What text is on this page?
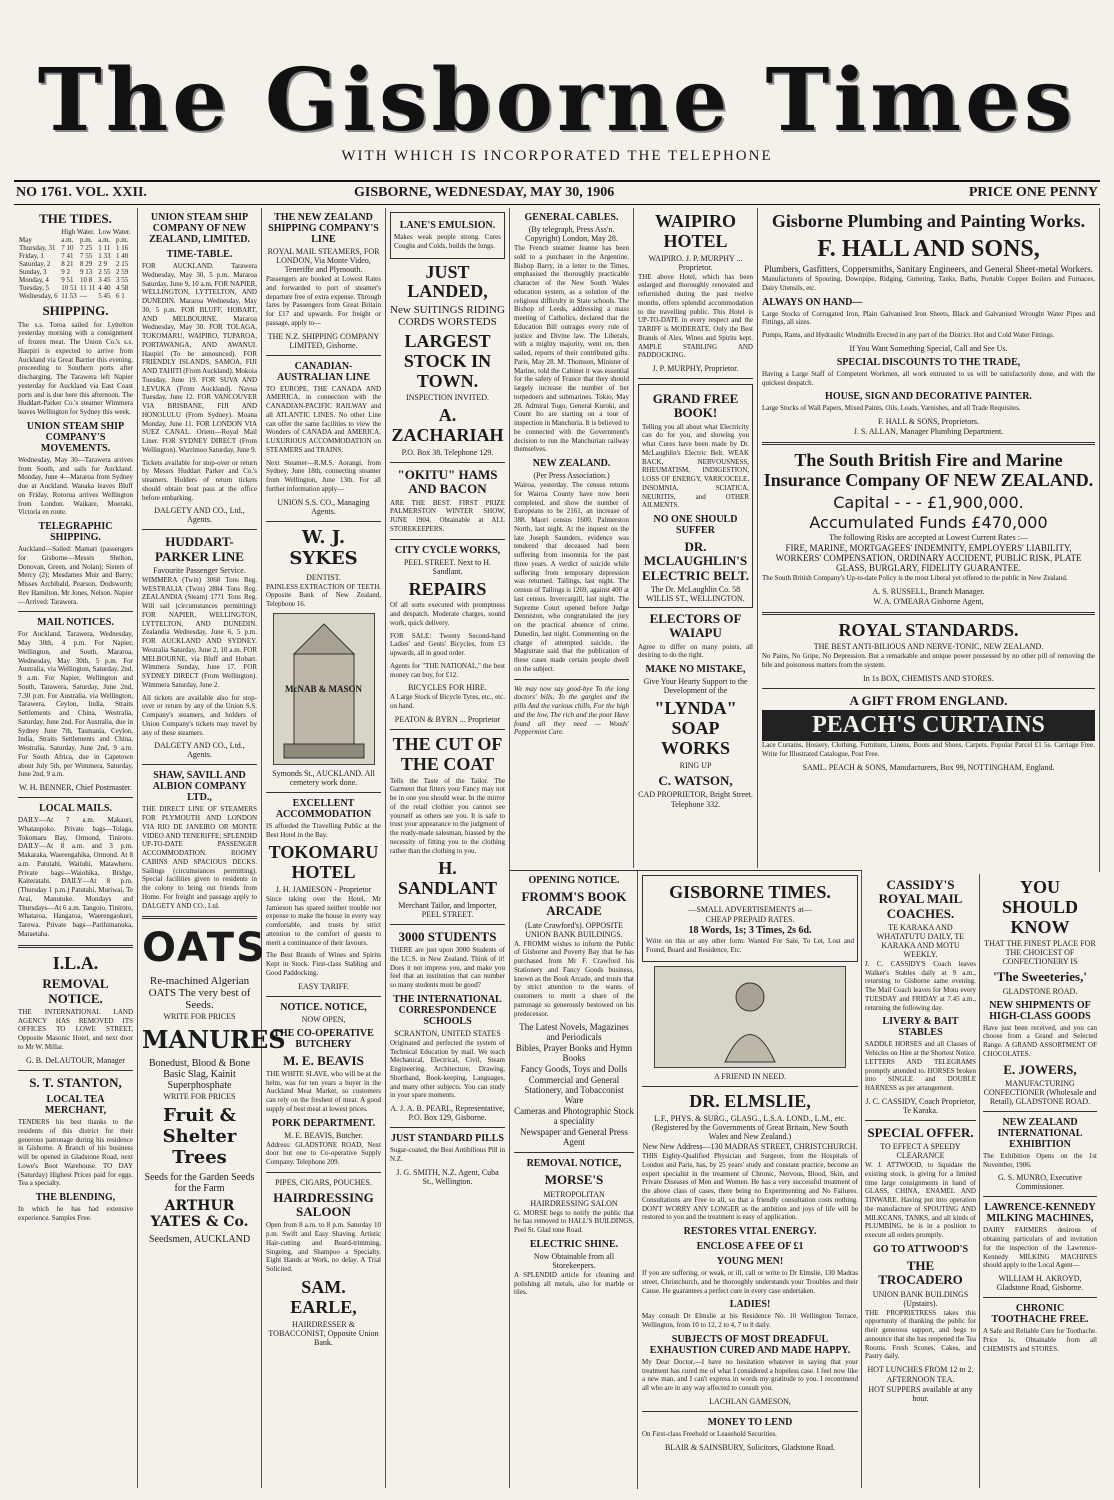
The Gisborne Times
WITH WHICH IS INCORPORATED THE TELEPHONE
NO 1761. VOL. XXII.	GISBORNE, WEDNESDAY, MAY 30, 1906	PRICE ONE PENNY
THE TIDES.
	High Water.		Low Water.	
May	a.m.	p.m.	a.m.	p.m.
Thursday, 31	7 10	7 25	1 11	1 16
Friday, 1	7 41	7 55	1 33	1 40
Saturday, 2	8 21	8 29	2 9	2 15
Sunday, 3	9 2	9 13	2 55	2 59
Monday, 4	9 51	10 8	3 45	3 55
Tuesday, 5	10 51	11 11	4 40	4 58
Wednesday, 6	11 53	—	5 45	6 1
SHIPPING.

The s.s. Toroa sailed for Lyttelton yesterday morning with a consignment of frozen meat. The Union Co.'s s.s. Haupiri is expected to arrive from Auckland via Great Barrier this evening, proceeding to Southern ports after discharging. The Tarawera left Napier yesterday for Auckland via East Coast ports and is due here this afternoon. The Huddart-Parker Co.'s steamer Wimmera leaves Wellington for Sydney this week.

UNION STEAM SHIP COMPANY'S MOVEMENTS.

Wednesday, May 30—Tarawera arrives from South, and sails for Auckland. Monday, June 4—Mararoa from Sydney due at Auckland. Wanaka leaves Bluff on Friday. Rotorua arrives Wellington from London. Waikare, Moeraki, Victoria en route.

TELEGRAPHIC SHIPPING.

Auckland—Sailed: Mamari (passengers for Gisborne—Messrs Shelton, Donovan, Green, and Nolan); Sisters of Mercy (2); Mesdames Muir and Barry; Misses Archibald, Pearson, Dodsworth; Rev Hamilton, Mr Jones, Nelson. Napier—Arrived: Tarawera.

MAIL NOTICES.

For Auckland, Tarawera, Wednesday, May 30th, 4 p.m. For Napier, Wellington, and South, Mararoa, Wednesday, May 30th, 5 p.m. For Australia, via Wellington, Saturday, 2nd, 9 a.m. For Napier, Wellington and South, Tarawera, Saturday, June 2nd, 7.30 p.m. For Australia, via Wellington, Tarawera, Ceylon, India, Straits Settlements and China, Westralia, Saturday, June 2nd. For Australia, due in Sydney June 7th, Tasmania, Ceylon, India, Straits Settlements and China, Westralia, Saturday, June 2nd, 9 a.m. For South Africa, due in Capetown about July 5th, per Wimmera, Saturday, June 2nd, 9 a.m.

W. H. BENNER, Chief Postmaster.

LOCAL MAILS.

DAILY—At 7 a.m. Makauri, Whataupoko. Private bags—Tolaga, Tokomaru Bay, Ormond, Tiniroto. DAILY—At 8 a.m. and 3 p.m. Makaraka, Waerengahika, Ormond. At 8 a.m. Patutahi, Waituhi, Matawhero. Private bags—Waiohika, Bridge, Kaiteratahi. DAILY—At 8 p.m. (Thursday 1 p.m.) Patutahi, Muriwai, Te Arai, Manutuke. Mondays and Thursdays—At 6 a.m. Tangoio, Tiniroto, Whataroa, Hangaroa, Waerengaokuri, Tarewa. Private bags—Parihimanuka, Maraetaha.

I.L.A.
REMOVAL NOTICE.

THE INTERNATIONAL LAND AGENCY HAS REMOVED ITS OFFICES TO LOWE STREET, Opposite Masonic Hotel, and next door to Mr W. Millar.

G. B. DeLAUTOUR, Manager

S. T. STANTON,
LOCAL TEA MERCHANT,

TENDERS his best thanks to the residents of this district for their generous patronage during his residence in Gisborne. A Branch of his business will be opened in Gladstone Road, next Lowe's Boot Warehouse. TO DAY (Saturday) Highest Prices paid for eggs. Tea a specialty.

THE BLENDING,

In which he has had extensive experience. Samples Free.

UNION STEAM SHIP COMPANY OF NEW ZEALAND, LIMITED.
TIME-TABLE.

FOR AUCKLAND. Tarawera Wednesday, May 30, 5 p.m. Mararoa Saturday, June 9, 10 a.m. FOR NAPIER, WELLINGTON, LYTTELTON, AND DUNEDIN. Mararoa Wednesday, May 30, 5 p.m. FOR BLUFF, HOBART, AND MELBOURNE. Mararoa Wednesday, May 30. FOR TOLAGA, TOKOMARU, WAIPIRO, TUPAROA, PORTAWANGA, AND AWANUI. Haupiri (To be announced). FOR FRIENDLY ISLANDS, SAMOA, FIJI AND TAHITI (From Auckland). Mokoia Tuesday, June 19. FOR SUVA AND LEVUKA (From Auckland). Navua Tuesday, June 12. FOR VANCOUVER VIA BRISBANE, FIJI AND HONOLULU (From Sydney). Moana Monday, June 11. FOR LONDON VIA SUEZ CANAL. Orient—Royal Mail Liner. FOR SYDNEY DIRECT (From Wellington). Warrimoo Saturday, June 9.

Tickets available for stop-over or return by Messrs Huddart Parker and Co.'s steamers. Holders of return tickets should obtain boat pass at the office before embarking.

DALGETY AND CO., Ltd., Agents.

HUDDART-PARKER LINE

Favourite Passenger Service.

WIMMERA (Twin) 3068 Tons Reg. WESTRALIA (Twin) 2884 Tons Reg. ZEALANDIA (Steam) 1771 Tons Reg. Will sail (circumstances permitting): FOR NAPIER, WELLINGTON, LYTTELTON, AND DUNEDIN. Zealandia Wednesday, June 6, 5 p.m. FOR AUCKLAND AND SYDNEY. Westralia Saturday, June 2, 10 a.m. FOR MELBOURNE, via Bluff and Hobart. Wimmera Sunday, June 17. FOR SYDNEY DIRECT (From Wellington). Wimmera Saturday, June 2.

All tickets are available also for stop-over or return by any of the Union S.S. Company's steamers, and holders of Union Company's tickets may travel by any of these steamers.

DALGETY AND CO., Ltd., Agents.

SHAW, SAVILL AND ALBION COMPANY LTD.,

THE DIRECT LINE OF STEAMERS FOR PLYMOUTH AND LONDON VIA RIO DE JANEIRO OR MONTE VIDEO AND TENERIFFE; SPLENDID UP-TO-DATE PASSENGER ACCOMMODATION. ROOMY CABINS AND SPACIOUS DECKS. Sailings (circumstances permitting). Special facilities given to residents in the colony to bring out friends from Home. For freight and passage apply to DALGETY AND CO., Ltd.

OATS

Re-machined Algerian OATS The very best of Seeds.

WRITE FOR PRICES

MANURES

Bonedust, Blood & Bone Basic Slag, Kainit Superphosphate

WRITE FOR PRICES

Fruit & Shelter Trees

Seeds for the Garden Seeds for the Farm

ARTHUR YATES & Co.

Seedsmen, AUCKLAND

THE NEW ZEALAND SHIPPING COMPANY'S LINE

ROYAL MAIL STEAMERS, FOR LONDON, Via Monte Video, Teneriffe and Plymouth.

Passengers are booked at Lowest Rates and forwarded to port of steamer's departure free of extra expense. Through fares by Passengers from Great Britain for £17 and upwards. For freight or passage, apply to—

THE N.Z. SHIPPING COMPANY LIMITED, Gisborne.

CANADIAN-AUSTRALIAN LINE

TO EUROPE, THE CANADA AND AMERICA, in connection with the CANADIAN-PACIFIC RAILWAY and all ATLANTIC LINES. No other Line can offer the same facilities to view the Wonders of CANADA and AMERICA. LUXURIOUS ACCOMMODATION on STEAMERS and TRAINS.

Next Steamer—R.M.S. Aorangi, from Sydney, June 18th, connecting steamer from Wellington, June 13th. For all further information apply—

UNION S.S. CO., Managing Agents.

W. J. SYKES

DENTIST.

PAINLESS EXTRACTION OF TEETH. Opposite Bank of New Zealand, Telephone 16.

McNAB & MASON

Symonds St., AUCKLAND. All cemetery work done.

EXCELLENT ACCOMMODATION

IS afforded the Travelling Public at the Best Hotel in the Bay.

TOKOMARU HOTEL

J. H. JAMIESON - Proprietor

Since taking over the Hotel, Mr Jamieson has spared neither trouble nor expense to make the house in every way comfortable, and trusts by strict attention to the comfort of guests to merit a continuance of their favours.

The Best Brands of Wines and Spirits Kept in Stock. First-class Stabling and Good Paddocking.

EASY TARIFF.

NOTICE. NOTICE,

NOW OPEN,

THE CO-OPERATIVE BUTCHERY
M. E. BEAVIS

THE WHITE SLAVE, who will be at the helm, was for ten years a buyer in the Auckland Meat Market, so customers can rely on the freshest of meat. A good supply of best meat at lowest prices.

PORK DEPARTMENT.

M. E. BEAVIS, Butcher.

Address: GLADSTONE ROAD, Next door but one to Co-operative Supply Company. Telephone 209.

PIPES, CIGARS, POUCHES.

HAIRDRESSING SALOON

Open from 8 a.m. to 8 p.m. Saturday 10 p.m. Swift and Easy Shaving. Artistic Hair-cutting and Beard-trimming, Singeing, and Shampoo a Specialty. Eight Hands at Work, no delay. A Trial Solicited.

SAM. EARLE,

HAIRDRESSER & TOBACCONIST, Opposite Union Bank.

LANE'S EMULSION.

Makes weak people strong. Cures Coughs and Colds, builds the lungs.

JUST LANDED,

New SUITINGS RIDING CORDS WORSTEDS

LARGEST STOCK IN TOWN.

INSPECTION INVITED.

A. ZACHARIAH

P.O. Box 38. Telephone 129.

"OKITU" HAMS AND BACON

ARE THE BEST. FIRST PRIZE PALMERSTON WINTER SHOW, JUNE 1904. Obtainable at ALL STOREKEEPERS.

CITY CYCLE WORKS,

PEEL STREET. Next to H. Sandlant.

REPAIRS

Of all sorts executed with promptness and despatch. Moderate charges, sound work, quick delivery.

FOR SALE: Twenty Second-hand Ladies' and Gents' Bicycles, from £3 upwards, all in good order.

Agents for "THE NATIONAL," the best money can buy, for £12.

BICYCLES FOR HIRE.

A Large Stock of Bicycle Tyres, etc., etc. on hand.

PEATON & BYRN ... Proprietor

THE CUT OF THE COAT

Tells the Taste of the Tailor. The Garment that fitters your Fancy may not be in one you should wear. In the mirror of the retail clothier you cannot see yourself as others see you. It is safe to trust your appearance to the judgment of the ready-made salesman, biassed by the necessity of fitting you to the clothing rather than the clothing to you.

H. SANDLANT

Merchant Tailor, and Importer, PEEL STREET.

3000 STUDENTS

THERE are just upon 3000 Students of the I.C.S. in New Zealand. Think of it! Does it not impress you, and make you feel that an institution that can number so many students must be good?

THE INTERNATIONAL CORRESPONDENCE SCHOOLS

SCRANTON, UNITED STATES

Originated and perfected the system of Technical Education by mail. We teach Mechanical, Electrical, Civil, Steam Engineering, Architecture, Drawing, Shorthand, Book-keeping, Languages, and many other subjects. You can study in your spare moments.

A. J. A. B. PEARL, Representative, P.O. Box 129, Gisborne.

JUST STANDARD PILLS

Sugar-coated, the Best Antibilious Pill in N.Z.

J. G. SMITH, N.Z. Agent, Cuba St., Wellington.

GENERAL CABLES.

(By telegraph, Press Ass'n. Copyright) London, May 28.

The French steamer Jeanne has been sold to a purchaser in the Argentine. Bishop Barry, in a letter to the Times, emphasised the thoroughly practicable character of the New South Wales education system, as a solution of the religious difficulty in State schools. The Bishop of Leeds, addressing a mass meeting of Catholics, declared that the Education Bill outrages every rule of justice and Divine law. The Liberals, with a mighty majority, went on, then sailed, reports of their contributed gifts. Paris, May 28. M. Thomson, Minister of Marine, told the Cabinet it was essential for the safety of France that they should largely increase the number of her torpedoers and submarines. Tokio, May 28. Admiral Togo, General Kuroki, and Count Ito are starting on a tour of inspection in Manchuria. It is believed to be connected with the Government's decision to run the Manchurian railway themselves.

NEW ZEALAND.

(Per Press Association.)

Wairoa, yesterday. The census returns for Wairoa County have now been completed, and show the number of Europeans to be 2161, an increase of 388. Maori census 1600. Palmerston North, last night. At the inquest on the late Joseph Saunders, evidence was tendered that deceased had been suffering from insomnia for the past three years. A verdict of suicide while suffering from temporary depression was returned. Tailings, last night. The census of Tailings is 1269, against 400 at last census. Invercargill, last night. The Supreme Court opened before Judge Denniston, who congratulated the jury on the practical absence of crime. Dunedin, last night. Commenting on the charge of attempted suicide, the Magistrate said that the publication of these cases made certain people dwell on the subject.

We may now say good-bye To the long doctors' bills, To the gargles and the pills And the various chills, For the high and the low, The rich and the poor Have found all they need — Woods' Peppermint Cure.

WAIPIRO HOTEL

WAIPIRO. J. P. MURPHY ... Proprietor.

THE above Hotel, which has been enlarged and thoroughly renovated and refurnished during the past twelve months, offers splendid accommodation to the travelling public. This Hotel is UP-TO-DATE in every respect and the TARIFF is MODERATE. Only the Best Brands of Ales, Wines and Spirits kept. AMPLE STABLING AND PADDOCKING.

J. P. MURPHY, Proprietor.

GRAND FREE BOOK!

Telling you all about what Electricity can do for you, and showing you what Cures have been made by Dr. McLaughlin's Electric Belt. WEAK BACK, NERVOUSNESS, RHEUMATISM, INDIGESTION, LOSS OF ENERGY, VARICOCELE, INSOMNIA, SCIATICA, NEURITIS, and OTHER AILMENTS.

NO ONE SHOULD SUFFER
DR. MCLAUGHLIN'S ELECTRIC BELT.

The Dr. McLaughlin Co. 58 WILLIS ST., WELLINGTON.

ELECTORS OF WAIAPU

Agree to differ on many points, all desiring to do the right.

MAKE NO MISTAKE,

Give Your Hearty Support to the Development of the

"LYNDA" SOAP WORKS

RING UP

C. WATSON,

CAD PROPRIETOR, Bright Street.

Telephone 332.

OPENING NOTICE.
FROMM'S BOOK ARCADE

(Late Crawford's). OPPOSITE UNION BANK BUILDINGS.

A. FROMM wishes to inform the Public of Gisborne and Poverty Bay that he has purchased from Mr F. Crawford his Stationery and Fancy Goods business, known as the Book Arcade, and trusts that by strict attention to the wants of customers to merit a share of the patronage so generously bestowed on his predecessor.

The Latest Novels, Magazines and Periodicals

Bibles, Prayer Books and Hymn Books

Fancy Goods, Toys and Dolls

Commercial and General Stationery, and Tobacconist Ware

Cameras and Photographic Stock a speciality

Newspaper and General Press Agent

REMOVAL NOTICE,
MORSE'S

METROPOLITAN HAIRDRESSING SALON

G. MORSE begs to notify the public that he has removed to HALL'S BUILDINGS, Peel St. Glad tone Road.

ELECTRIC SHINE.

Now Obtainable from all Storekeepers.

A SPLENDID article for cleaning and polishing all metals, also for marble or tiles.

GISBORNE TIMES.

—SMALL ADVERTISEMENTS at—

CHEAP PREPAID RATES.

18 Words, 1s; 3 Times, 2s 6d.

Write on this or any other form: Wanted For Sale, To Let, Lost and Found, Board and Residence, Etc.

A FRIEND IN NEED.

DR. ELMSLIE,

L.F., PHYS. & SURG., GLASG., L.S.A. LOND., L.M., etc. (Registered by the Governments of Great Britain, New South Wales and New Zealand.)

New New Address—130 MADRAS STREET, CHRISTCHURCH.

THIS Eighty-Qualified Physician and Surgeon, from the Hospitals of London and Paris, has, by 25 years' study and constant practice, become an expert specialist in the treatment of Chronic, Nervous, Blood, Skin, and Private Diseases of Men and Women. He has a very successful treatment of the above class of cases, there being no Experimenting and No Failures. Consultations are Free to all, so that a friendly consultation costs nothing. DON'T WORRY ANY LONGER as the ambition and joys of life will be restored to you and the treatment is easy of application.

RESTORES VITAL ENERGY.
ENCLOSE A FEE OF £1
YOUNG MEN!

If you are suffering, or weak, or ill, call or write to Dr Elmslie, 130 Madras street, Christchurch, and he thoroughly understands your Troubles and their Cause. He guarantees a perfect cure in every case undertaken.

LADIES!

May consult Dr Elmslie at his Residence No. 10 Wellington Terrace, Wellington, from 10 to 12, 2 to 4, 7 to 8 daily.

SUBJECTS OF MOST DREADFUL EXHAUSTION CURED AND MADE HAPPY.

My Dear Doctor,—I have no hesitation whatever in saying that your treatment has cured me of what I considered a hopeless case. I feel now like a new man, and I can't express in words my gratitude to you. I recommend all who are in any way affected to consult you.

LACHLAN GAMESON,

MONEY TO LEND

On First-class Freehold or Leasehold Securities.

BLAIR & SAINSBURY, Solicitors, Gladstone Road.

Gisborne Plumbing and Painting Works.
F. HALL AND SONS,

Plumbers, Gasfitters, Coppersmiths, Sanitary Engineers, and General Sheet-metal Workers.

Manufacturers of Spouting, Downpipe, Ridging, Guttering, Tanks, Baths, Portable Copper Boilers and Furnaces, Dairy Utensils, etc.

ALWAYS ON HAND—

Large Stocks of Corrugated Iron, Plain Galvanised Iron Sheets, Black and Galvanised Wrought Water Pipes and Fittings, all sizes.

Pumps, Rams, and Hydraulic Windmills Erected in any part of the District. Hot and Cold Water Fittings.

If You Want Something Special, Call and See Us.

SPECIAL DISCOUNTS TO THE TRADE,

Having a Large Staff of Competent Workmen, all work entrusted to us will be satisfactorily done, and with the quickest despatch.

HOUSE, SIGN AND DECORATIVE PAINTER.

Large Stocks of Wall Papers, Mixed Paints, Oils, Leads, Varnishes, and all Trade Requisites.

F. HALL & SONS, Proprietors.

J. S. ALLAN, Manager Plumbing Department.

The South British Fire and Marine Insurance Company OF NEW ZEALAND.

Capital - - - £1,900,000.

Accumulated Funds £470,000

The following Risks are accepted at Lowest Current Rates :—

FIRE, MARINE, MORTGAGEES' INDEMNITY, EMPLOYERS' LIABILITY, WORKERS' COMPENSATION, ORDINARY ACCIDENT, PUBLIC RISK, PLATE GLASS, BURGLARY, FIDELITY GUARANTEE.

The South British Company's Up-to-date Policy is the most Liberal yet offered to the public in New Zealand.

A. S. RUSSELL, Branch Manager.

W. A. O'MEARA Gisborne Agent,

ROYAL STANDARDS.

THE BEST ANTI-BILIOUS AND NERVE-TONIC, NEW ZEALAND.

No Pains, No Gripe, No Depression. But a remarkable and unique power possessed by no other pill of removing the bile and poisonous matters from the system.

In 1s BOX, CHEMISTS AND STORES.

A GIFT FROM ENGLAND.
PEACH'S CURTAINS

Lace Curtains, Hosiery, Clothing, Furniture, Linens, Boots and Shoes, Carpets. Popular Parcel £1 5s. Carriage Free. Write for Illustrated Catalogue, Post Free.

SAML. PEACH & SONS, Manufacturers, Box 99, NOTTINGHAM, England.

CASSIDY'S ROYAL MAIL COACHES.

TE KARAKA AND WHATATUTU DAILY, TE KARAKA AND MOTU WEEKLY.

J. C. CASSIDY'S Coach leaves Walker's Stables daily at 9 a.m., returning to Gisborne same evening. The Mail Coach leaves for Motu every TUESDAY and FRIDAY at 7.45 a.m., returning the following day.

LIVERY & BAIT STABLES

SADDLE HORSES and all Classes of Vehicles on Hire at the Shortest Notice. LETTERS AND TELEGRAMS promptly attended to. HORSES broken into SINGLE and DOUBLE HARNESS as per arrangement.

J. C. CASSIDY, Coach Proprietor, Te Karaka.

SPECIAL OFFER.

TO EFFECT A SPEEDY CLEARANCE

W. J. ATTWOOD, to liquidate the existing stock, is giving for a limited time large consignments in hand of GLASS, CHINA, ENAMEL AND TINWARE. Having put into operation the manufacture of SPOUTING AND MILKCANS, TANKS, and all kinds of PLUMBING, he is in a position to execute all orders promptly.

GO TO ATTWOOD'S
THE TROCADERO

UNION BANK BUILDINGS (Upstairs).

THE PROPRIETRESS takes this opportunity of thanking the public for their generous support, and begs to announce that she has reopened the Tea Rooms. Fresh Scones, Cakes, and Pastry daily.

HOT LUNCHES FROM 12 to 2.

AFTERNOON TEA.

HOT SUPPERS available at any hour.

YOU SHOULD KNOW

THAT THE FINEST PLACE FOR THE CHOICEST OF CONFECTIONERY IS

'The Sweeteries,'

GLADSTONE ROAD.

NEW SHIPMENTS OF HIGH-CLASS GOODS

Have just been received, and you can choose from a Grand and Selected Range. A GRAND ASSORTMENT OF CHOCOLATES.

E. JOWERS,

MANUFACTURING CONFECTIONER (Wholesale and Retail), GLADSTONE ROAD.

NEW ZEALAND INTERNATIONAL EXHIBITION

The Exhibition Opens on the 1st November, 1906.

G. S. MUNRO, Executive Commissioner.

LAWRENCE-KENNEDY MILKING MACHINES,

DAIRY FARMERS desirous of obtaining particulars of and invitation for the inspection of the Lawrence-Kennedy MILKING MACHINES should apply to the Local Agent—

WILLIAM H. AKROYD, Gladstone Road, Gisborne.

CHRONIC TOOTHACHE FREE.

A Safe and Reliable Cure for Toothache. Price 1s. Obtainable from all CHEMISTS and STORES.
